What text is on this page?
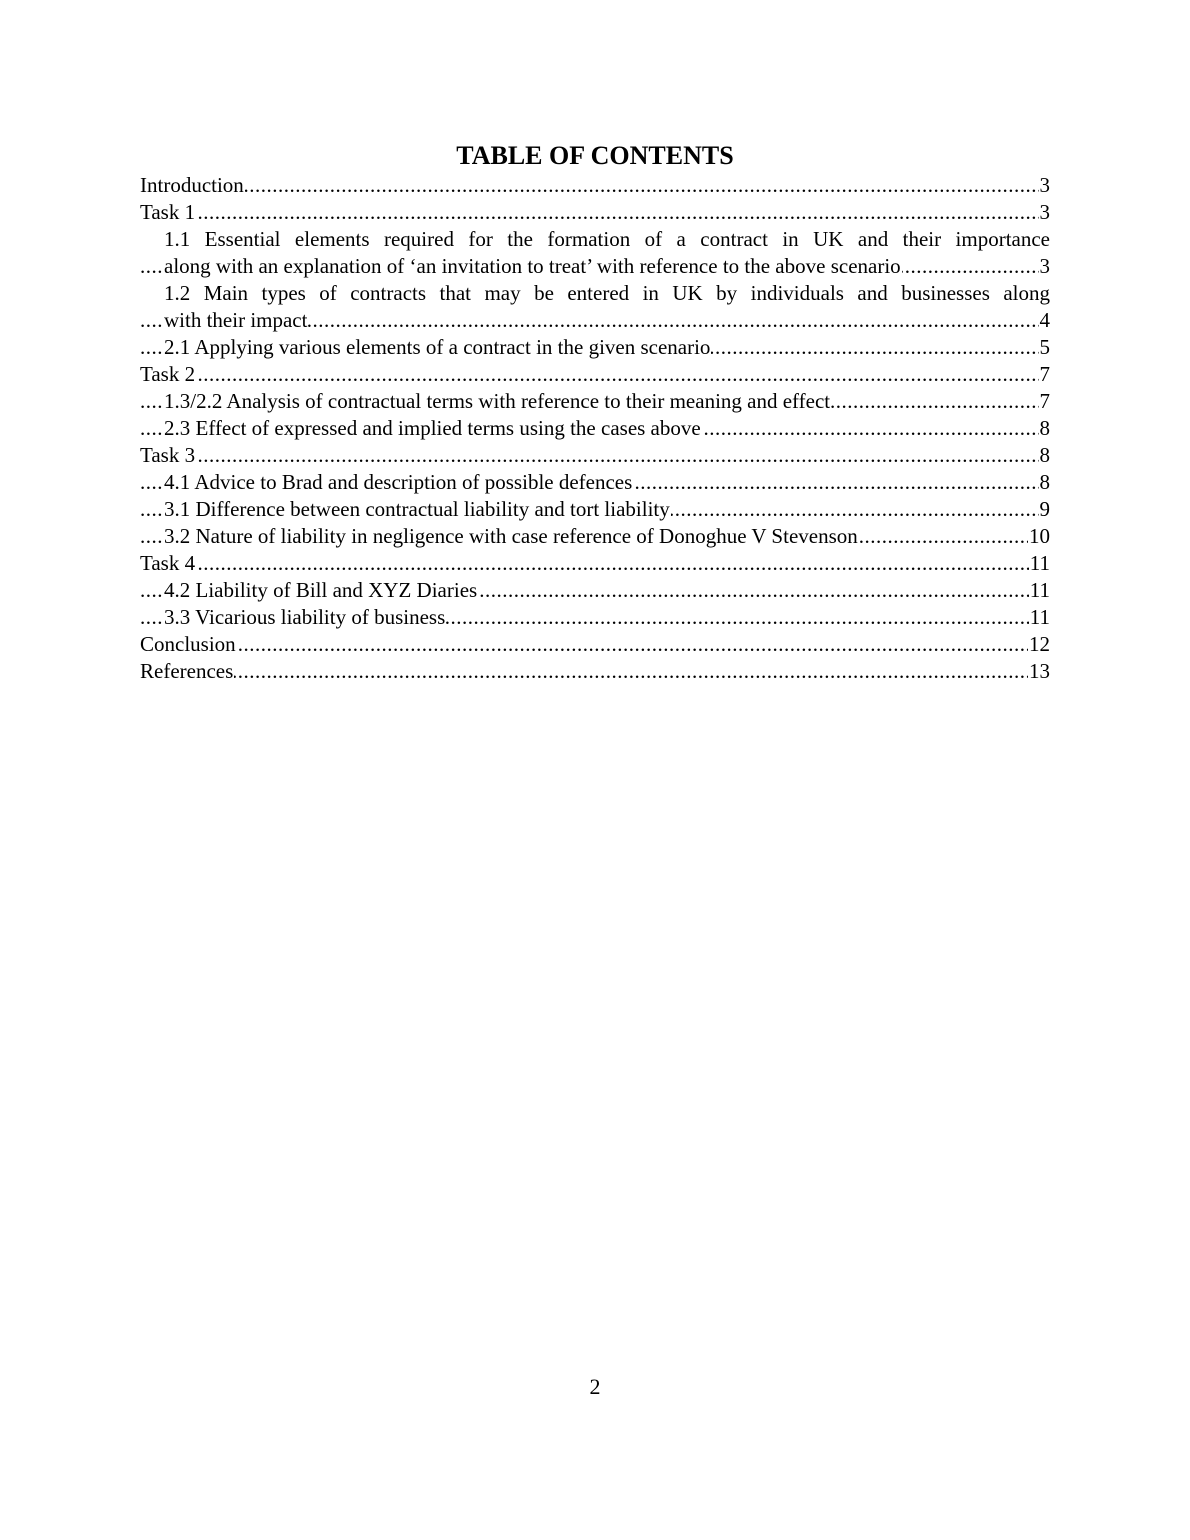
TABLE OF CONTENTS
.....
Introduction	3
.....
Task 1	3
.....
1.1 Essential elements required for the formation of a contract in UK and their importance
along with an explanation of ‘an invitation to treat’ with reference to the above scenario	3
.....
1.2 Main types of contracts that may be entered in UK by individuals and businesses along
with their impact	4
.....
2.1 Applying various elements of a contract in the given scenario	5
.....
Task 2	7
.....
1.3/2.2 Analysis of contractual terms with reference to their meaning and effect	7
.....
2.3 Effect of expressed and implied terms using the cases above	8
.....
Task 3	8
.....
4.1 Advice to Brad and description of possible defences	8
.....
3.1 Difference between contractual liability and tort liability	9
.....
3.2 Nature of liability in negligence with case reference of Donoghue V Stevenson	10
.....
Task 4	11
.....
4.2 Liability of Bill and XYZ Diaries	11
.....
3.3 Vicarious liability of business	11
.....
Conclusion	12
.....
References	13
2
